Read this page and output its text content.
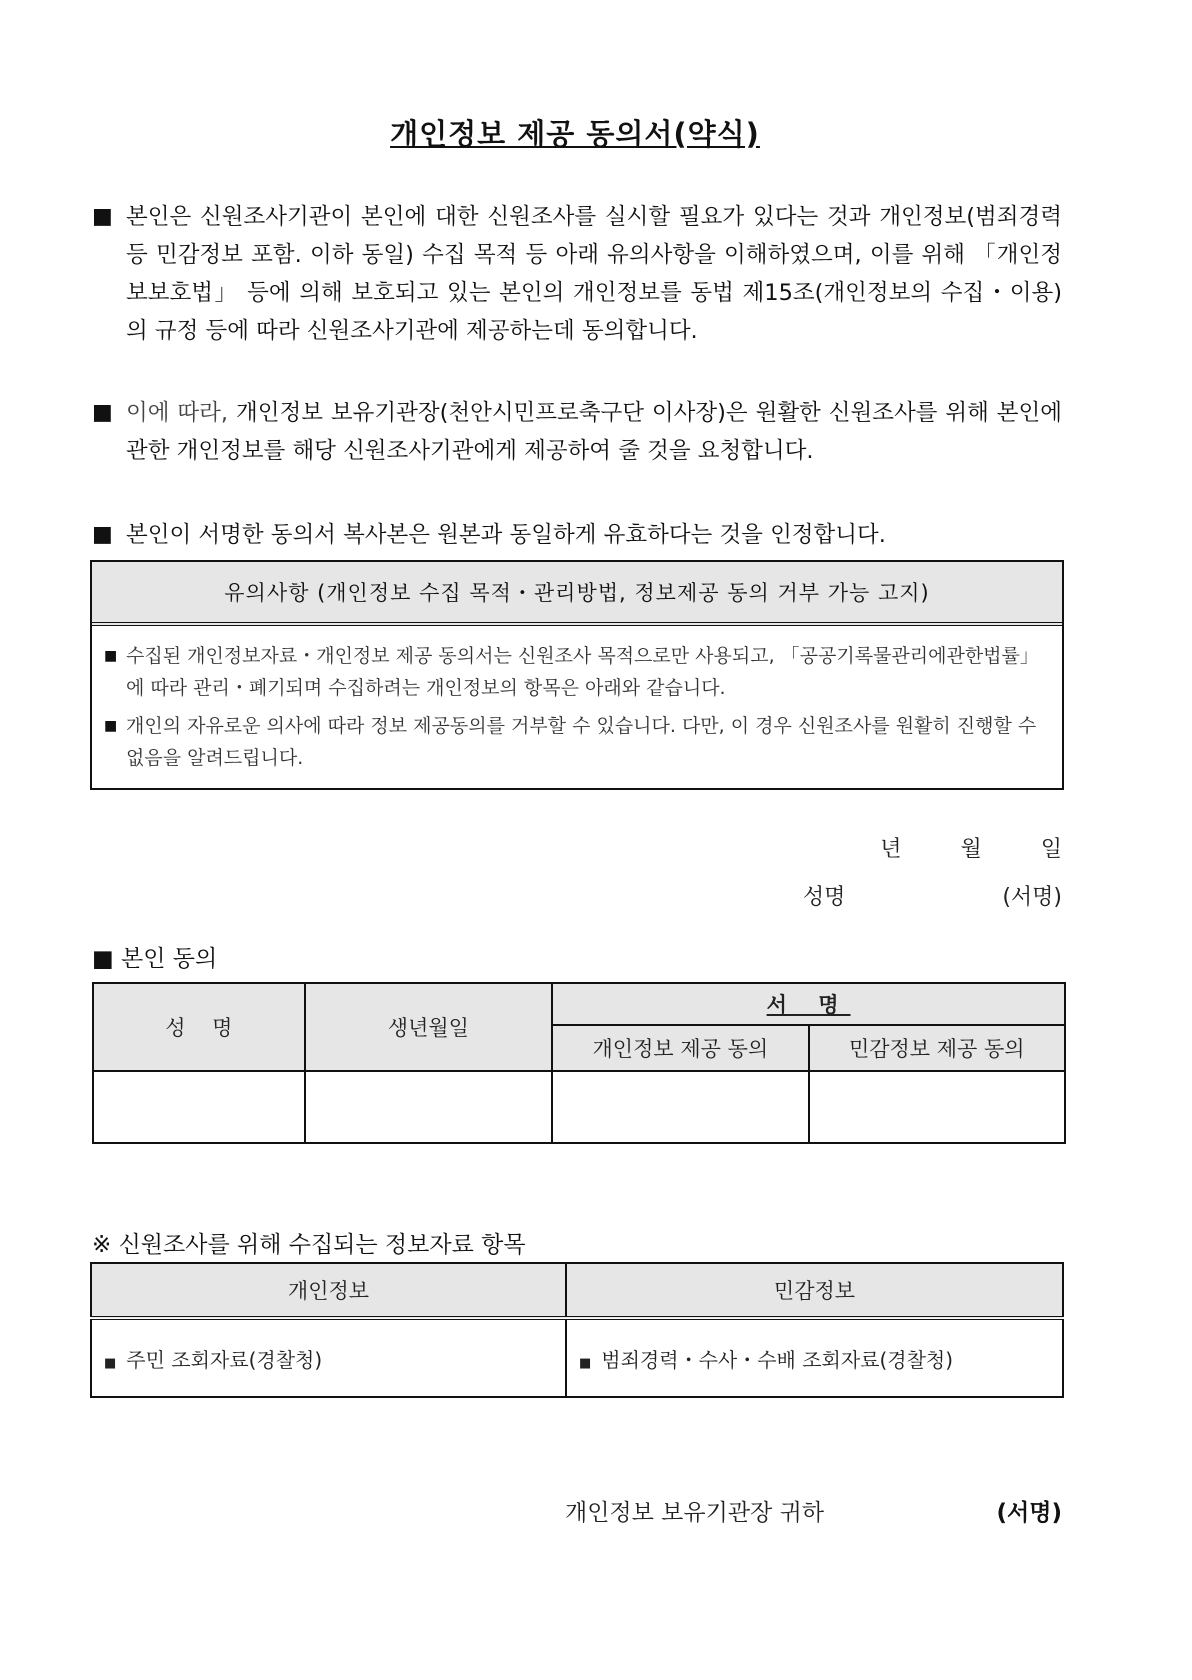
개인정보 제공 동의서(약식)
■ 본인은 신원조사기관이 본인에 대한 신원조사를 실시할 필요가 있다는 것과 개인정보(범죄경력 등 민감정보 포함. 이하 동일) 수집 목적 등 아래 유의사항을 이해하였으며, 이를 위해 「개인정보보호법」 등에 의해 보호되고 있는 본인의 개인정보를 동법 제15조(개인정보의 수집・이용)의 규정 등에 따라 신원조사기관에 제공하는데 동의합니다.
■ 이에 따라, 개인정보 보유기관장(천안시민프로축구단 이사장)은 원활한 신원조사를 위해 본인에 관한 개인정보를 해당 신원조사기관에게 제공하여 줄 것을 요청합니다.
■ 본인이 서명한 동의서 복사본은 원본과 동일하게 유효하다는 것을 인정합니다.
유의사항 (개인정보 수집 목적・관리방법, 정보제공 동의 거부 가능 고지)
■ 수집된 개인정보자료・개인정보 제공 동의서는 신원조사 목적으로만 사용되고, 「공공기록물관리에관한법률」에 따라 관리・폐기되며 수집하려는 개인정보의 항목은 아래와 같습니다.
■ 개인의 자유로운 의사에 따라 정보 제공동의를 거부할 수 있습니다. 다만, 이 경우 신원조사를 원활히 진행할 수 없음을 알려드립니다.
년	월	일
성명	(서명)
■ 본인 동의
성    명	생년월일	서 명	
		개인정보 제공 동의	민감정보 제공 동의

※ 신원조사를 위해 수집되는 정보자료 항목
개인정보	민감정보
■ 주민 조회자료(경찰청)	■ 범죄경력・수사・수배 조회자료(경찰청)
개인정보 보유기관장 귀하	(서명)
